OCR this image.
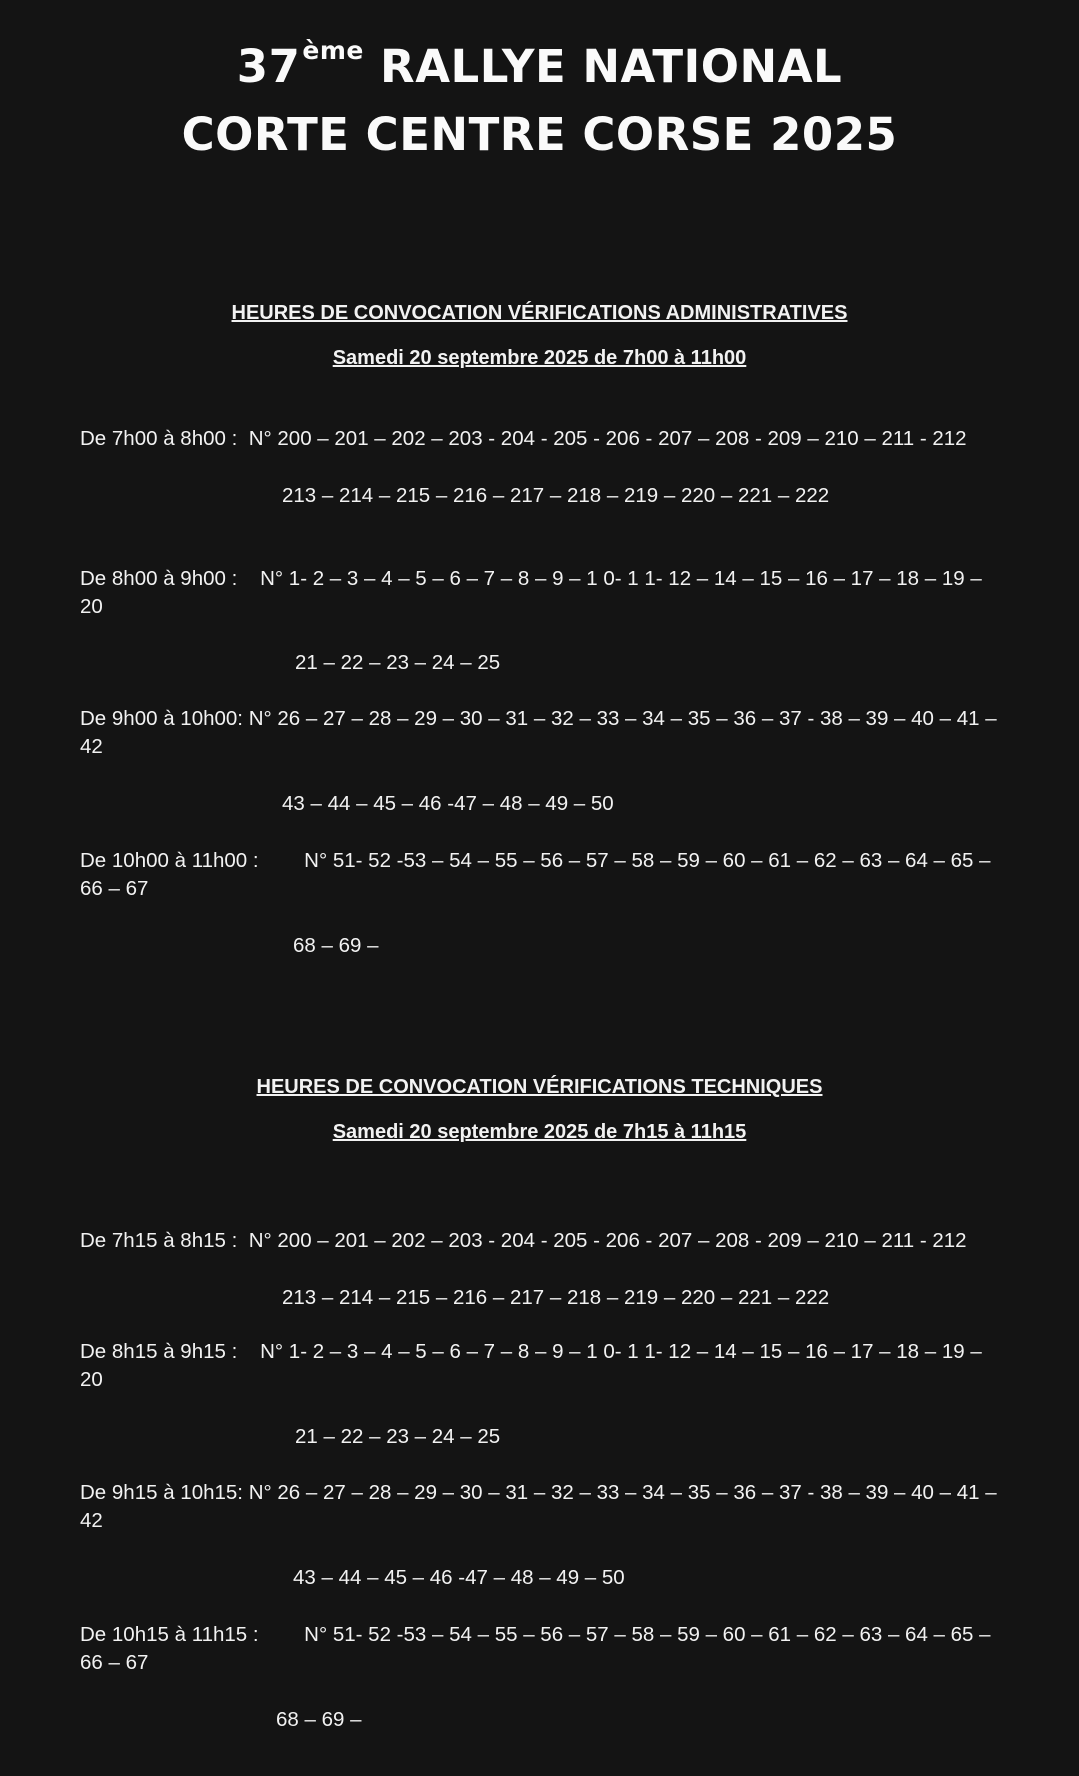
37ème RALLYE NATIONAL
CORTE CENTRE CORSE 2025
HEURES DE CONVOCATION VÉRIFICATIONS ADMINISTRATIVES
Samedi 20 septembre 2025 de 7h00 à 11h00
De 7h00 à 8h00 : N° 200 – 201 – 202 – 203 - 204 - 205 - 206 - 207 – 208 - 209 – 210 – 211 - 212
213 – 214 – 215 – 216 – 217 – 218 – 219 – 220 – 221 – 222
De 8h00 à 9h00 : N° 1- 2 – 3 – 4 – 5 – 6 – 7 – 8 – 9 – 1 0- 1 1- 12 – 14 – 15 – 16 – 17 – 18 – 19 – 20
21 – 22 – 23 – 24 – 25
De 9h00 à 10h00: N° 26 – 27 – 28 – 29 – 30 – 31 – 32 – 33 – 34 – 35 – 36 – 37 - 38 – 39 – 40 – 41 – 42
43 – 44 – 45 – 46 -47 – 48 – 49 – 50
De 10h00 à 11h00 : N° 51- 52 -53 – 54 – 55 – 56 – 57 – 58 – 59 – 60 – 61 – 62 – 63 – 64 – 65 – 66 – 67
68 – 69 –
HEURES DE CONVOCATION VÉRIFICATIONS TECHNIQUES
Samedi 20 septembre 2025 de 7h15 à 11h15
De 7h15 à 8h15 : N° 200 – 201 – 202 – 203 - 204 - 205 - 206 - 207 – 208 - 209 – 210 – 211 - 212
213 – 214 – 215 – 216 – 217 – 218 – 219 – 220 – 221 – 222
De 8h15 à 9h15 : N° 1- 2 – 3 – 4 – 5 – 6 – 7 – 8 – 9 – 1 0- 1 1- 12 – 14 – 15 – 16 – 17 – 18 – 19 – 20
21 – 22 – 23 – 24 – 25
De 9h15 à 10h15: N° 26 – 27 – 28 – 29 – 30 – 31 – 32 – 33 – 34 – 35 – 36 – 37 - 38 – 39 – 40 – 41 – 42
43 – 44 – 45 – 46 -47 – 48 – 49 – 50
De 10h15 à 11h15 : N° 51- 52 -53 – 54 – 55 – 56 – 57 – 58 – 59 – 60 – 61 – 62 – 63 – 64 – 65 – 66 – 67
68 – 69 –
